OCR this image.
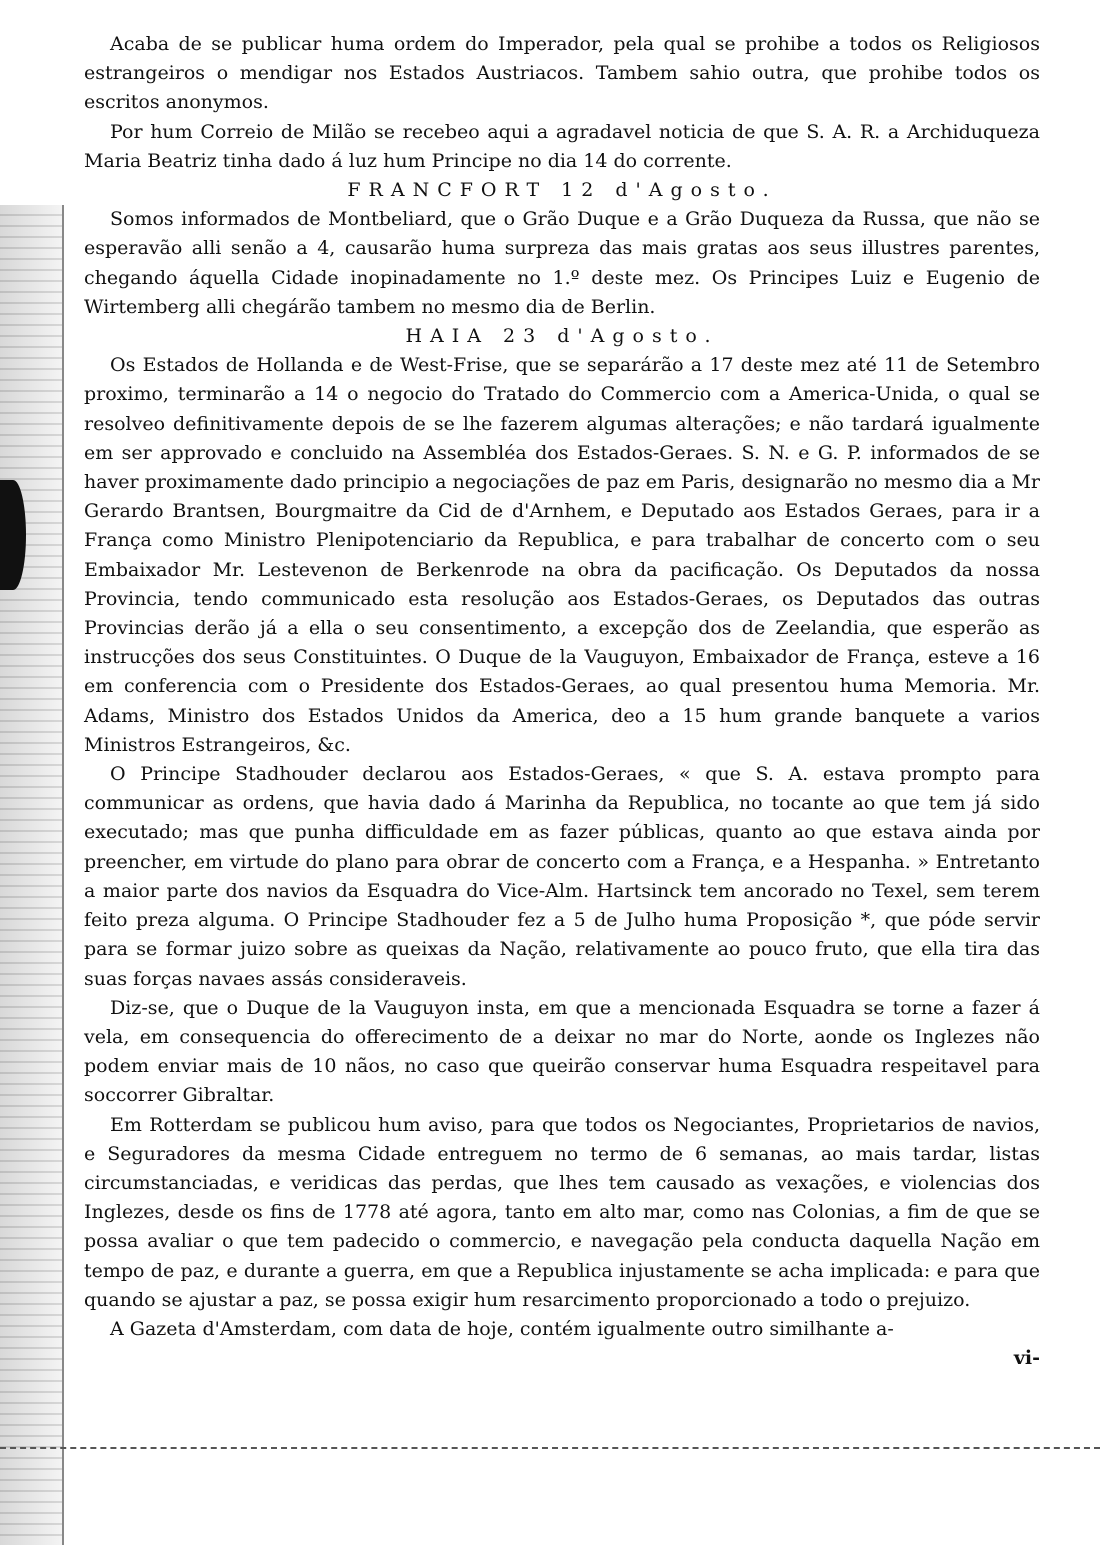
Acaba de se publicar huma ordem do Imperador, pela qual se prohibe a todos os Religiosos estrangeiros o mendigar nos Estados Austriacos. Tambem sahio outra, que prohibe todos os escritos anonymos.

Por hum Correio de Milão se recebeo aqui a agradavel noticia de que S. A. R. a Archiduqueza Maria Beatriz tinha dado á luz hum Principe no dia 14 do corrente.

FRANCFORT 12 d'Agosto.

Somos informados de Montbeliard, que o Grão Duque e a Grão Duqueza da Russa, que não se esperavão alli senão a 4, causarão huma surpreza das mais gratas aos seus illustres parentes, chegando áquella Cidade inopinadamente no 1.º deste mez. Os Principes Luiz e Eugenio de Wirtemberg alli chegárão tambem no mesmo dia de Berlin.

HAIA 23 d'Agosto.

Os Estados de Hollanda e de West-Frise, que se separárão a 17 deste mez até 11 de Setembro proximo, terminarão a 14 o negocio do Tratado do Commercio com a America-Unida, o qual se resolveo definitivamente depois de se lhe fazerem algumas alterações; e não tardará igualmente em ser approvado e concluido na Assembléa dos Estados-Geraes. S. N. e G. P. informados de se haver proximamente dado principio a negociações de paz em Paris, designarão no mesmo dia a Mr Gerardo Brantsen, Bourgmaitre da Cid de d'Arnhem, e Deputado aos Estados Geraes, para ir a França como Ministro Plenipotenciario da Republica, e para trabalhar de concerto com o seu Embaixador Mr. Lestevenon de Berkenrode na obra da pacificação. Os Deputados da nossa Provincia, tendo communicado esta resolução aos Estados-Geraes, os Deputados das outras Provincias derão já a ella o seu consentimento, a excepção dos de Zeelandia, que esperão as instrucções dos seus Constituintes. O Duque de la Vauguyon, Embaixador de França, esteve a 16 em conferencia com o Presidente dos Estados-Geraes, ao qual presentou huma Memoria. Mr. Adams, Ministro dos Estados Unidos da America, deo a 15 hum grande banquete a varios Ministros Estrangeiros, &c.

O Principe Stadhouder declarou aos Estados-Geraes, « que S. A. estava prompto para communicar as ordens, que havia dado á Marinha da Republica, no tocante ao que tem já sido executado; mas que punha difficuldade em as fazer públicas, quanto ao que estava ainda por preencher, em virtude do plano para obrar de concerto com a França, e a Hespanha. » Entretanto a maior parte dos navios da Esquadra do Vice-Alm. Hartsinck tem ancorado no Texel, sem terem feito preza alguma. O Principe Stadhouder fez a 5 de Julho huma Proposição *, que póde servir para se formar juizo sobre as queixas da Nação, relativamente ao pouco fruto, que ella tira das suas forças navaes assás consideraveis.

Diz-se, que o Duque de la Vauguyon insta, em que a mencionada Esquadra se torne a fazer á vela, em consequencia do offerecimento de a deixar no mar do Norte, aonde os Inglezes não podem enviar mais de 10 nãos, no caso que queirão conservar huma Esquadra respeitavel para soccorrer Gibraltar.

Em Rotterdam se publicou hum aviso, para que todos os Negociantes, Proprietarios de navios, e Seguradores da mesma Cidade entreguem no termo de 6 semanas, ao mais tardar, listas circumstanciadas, e veridicas das perdas, que lhes tem causado as vexações, e violencias dos Inglezes, desde os fins de 1778 até agora, tanto em alto mar, como nas Colonias, a fim de que se possa avaliar o que tem padecido o commercio, e navegação pela conducta daquella Nação em tempo de paz, e durante a guerra, em que a Republica injustamente se acha implicada: e para que quando se ajustar a paz, se possa exigir hum resarcimento proporcionado a todo o prejuizo.

A Gazeta d'Amsterdam, com data de hoje, contém igualmente outro similhante a-

vi-
